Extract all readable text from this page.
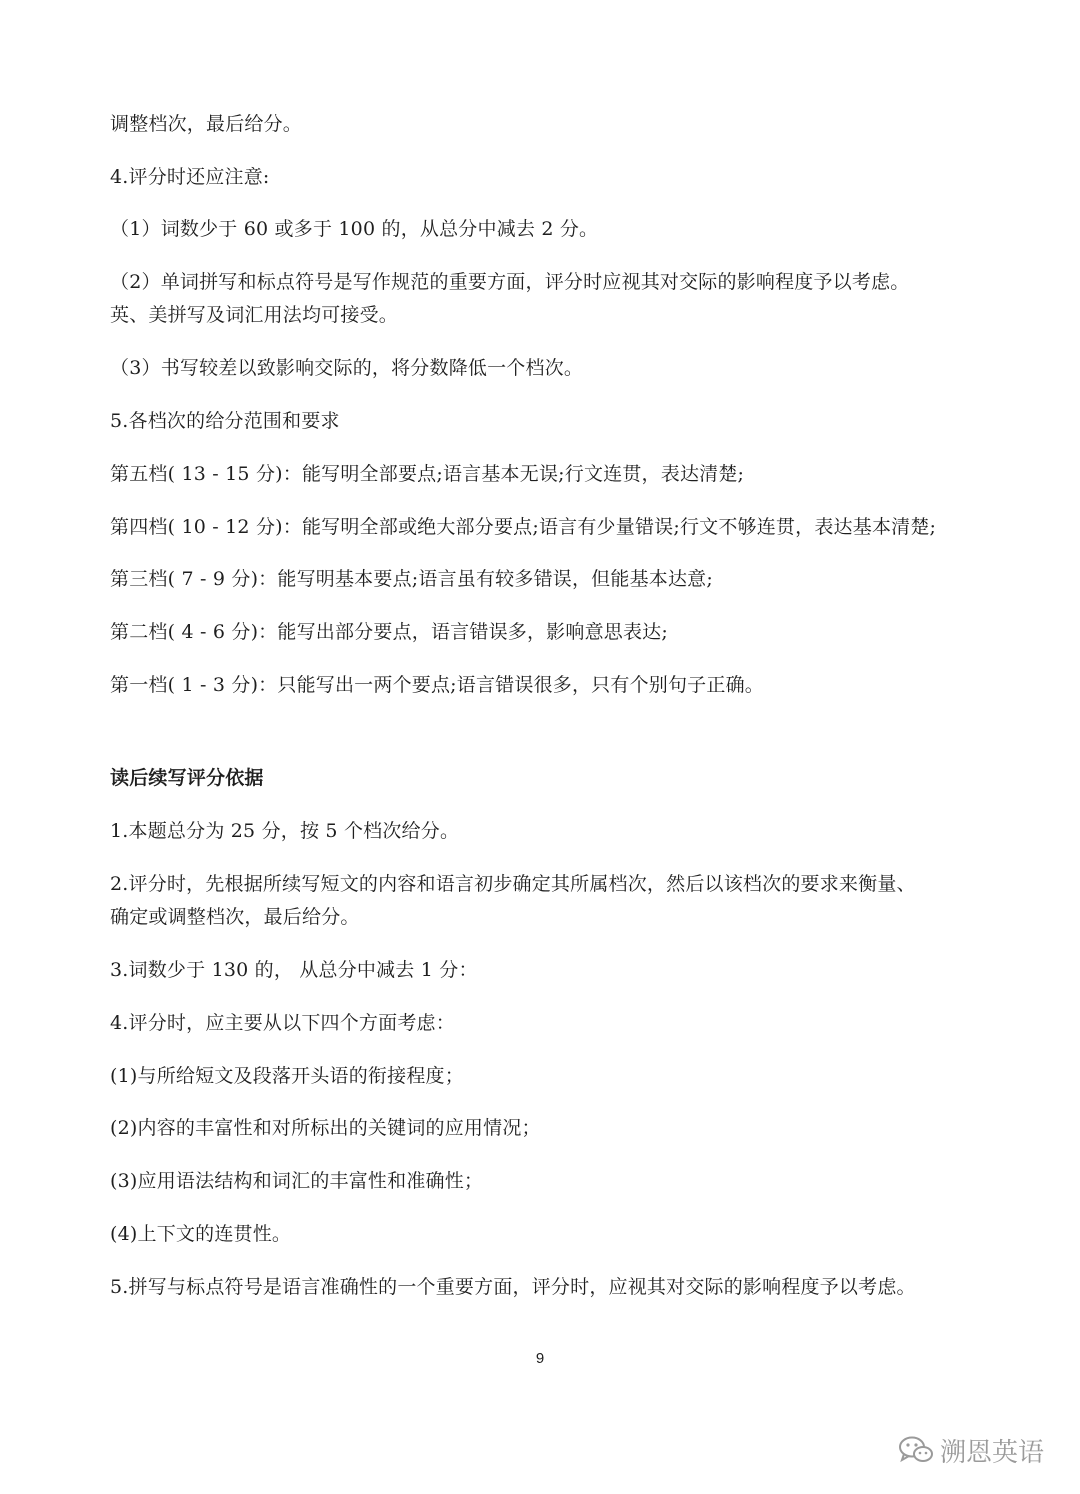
调整档次，最后给分。
4.评分时还应注意:
（1）词数少于 60 或多于 100 的，从总分中减去 2 分。
（2）单词拼写和标点符号是写作规范的重要方面，评分时应视其对交际的影响程度予以考虑。
英、美拼写及词汇用法均可接受。
（3）书写较差以致影响交际的，将分数降低一个档次。
5.各档次的给分范围和要求
第五档( 13 - 15 分)：能写明全部要点;语言基本无误;行文连贯，表达清楚;
第四档( 10 - 12 分)：能写明全部或绝大部分要点;语言有少量错误;行文不够连贯，表达基本清楚;
第三档( 7 - 9 分)：能写明基本要点;语言虽有较多错误，但能基本达意;
第二档( 4 - 6 分)：能写出部分要点，语言错误多，影响意思表达;
第一档( 1 - 3 分)：只能写出一两个要点;语言错误很多，只有个别句子正确。
读后续写评分依据
1.本题总分为 25 分，按 5 个档次给分。
2.评分时，先根据所续写短文的内容和语言初步确定其所属档次，然后以该档次的要求来衡量、
确定或调整档次，最后给分。
3.词数少于 130 的， 从总分中减去 1 分：
4.评分时，应主要从以下四个方面考虑：
(1)与所给短文及段落开头语的衔接程度；
(2)内容的丰富性和对所标出的关键词的应用情况；
(3)应用语法结构和词汇的丰富性和准确性；
(4)上下文的连贯性。
5.拼写与标点符号是语言准确性的一个重要方面，评分时，应视其对交际的影响程度予以考虑。
9
溯恩英语
